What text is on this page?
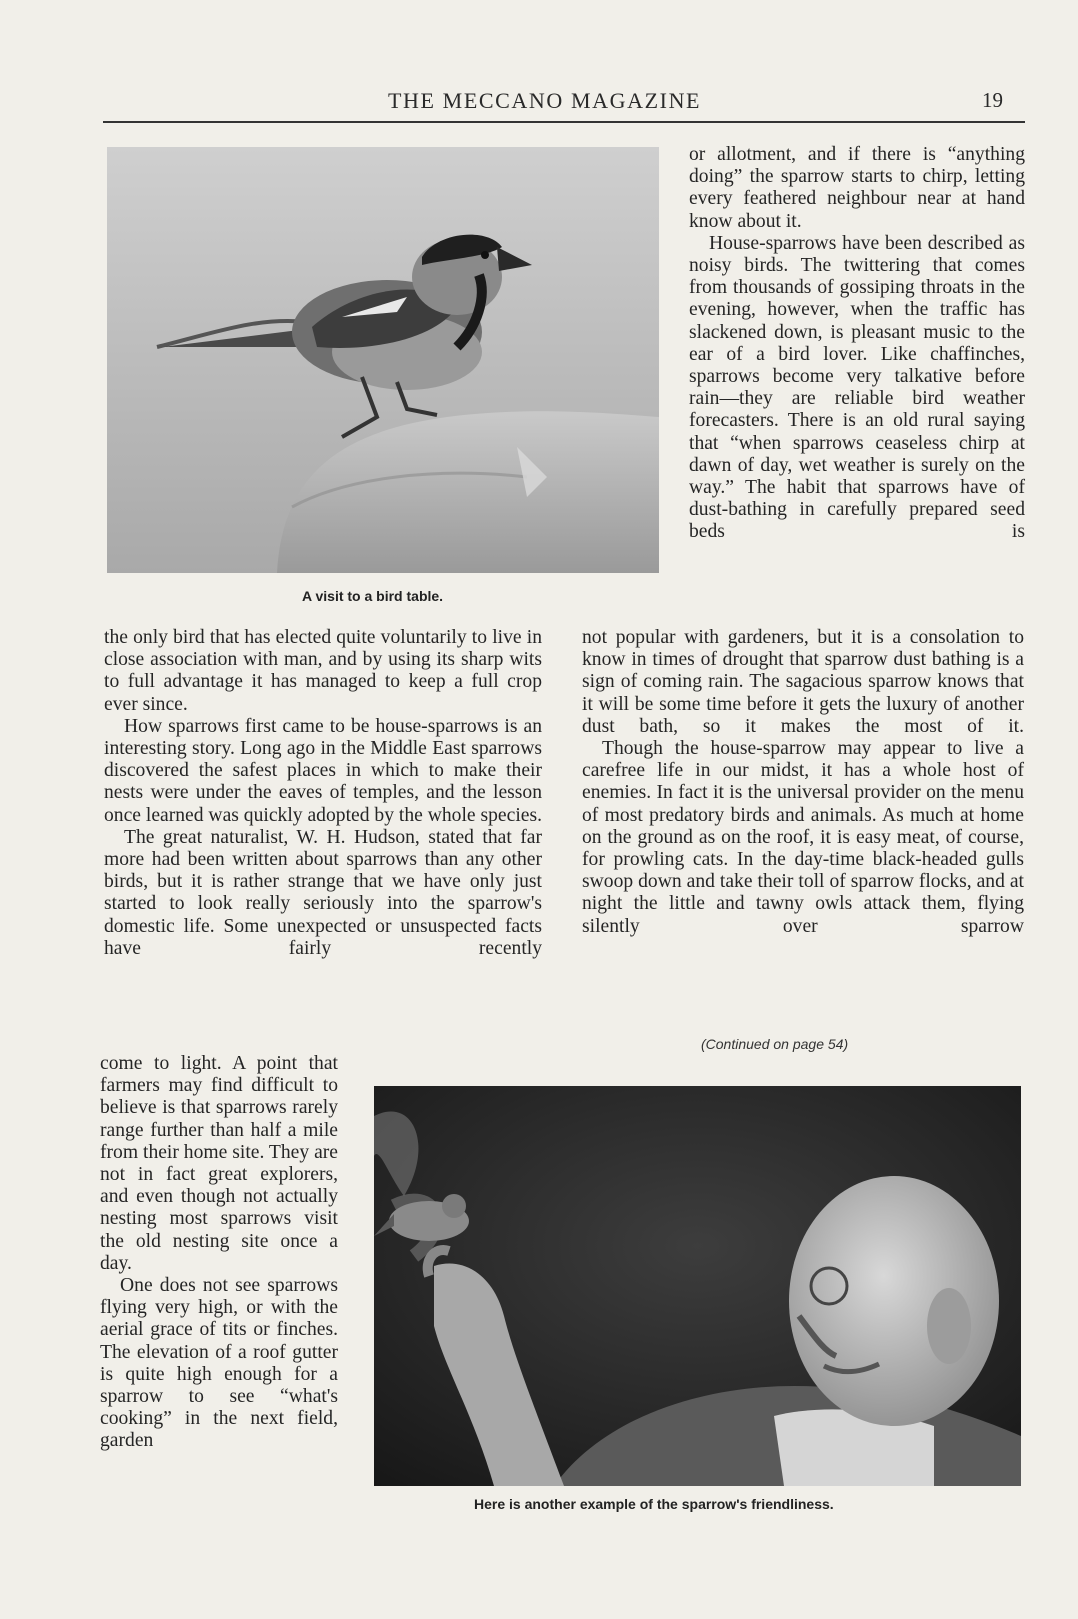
THE MECCANO MAGAZINE	19
A visit to a bird table.

or allotment, and if there is “anything doing” the sparrow starts to chirp, letting every feathered neighbour near at hand know about it.

House-sparrows have been described as noisy birds. The twittering that comes from thousands of gossiping throats in the evening, however, when the traffic has slackened down, is pleasant music to the ear of a bird lover. Like chaffinches, sparrows become very talkative before rain—they are reliable bird weather forecasters. There is an old rural saying that “when sparrows ceaseless chirp at dawn of day, wet weather is surely on the way.” The habit that sparrows have of dust-bathing in carefully prepared seed beds is

the only bird that has elected quite voluntarily to live in close association with man, and by using its sharp wits to full advantage it has managed to keep a full crop ever since.

How sparrows first came to be house-sparrows is an interesting story. Long ago in the Middle East sparrows discovered the safest places in which to make their nests were under the eaves of temples, and the lesson once learned was quickly adopted by the whole species.

The great naturalist, W. H. Hudson, stated that far more had been written about sparrows than any other birds, but it is rather strange that we have only just started to look really seriously into the sparrow's domestic life. Some unexpected or unsuspected facts have fairly recently

not popular with gardeners, but it is a consolation to know in times of drought that sparrow dust bathing is a sign of coming rain. The sagacious sparrow knows that it will be some time before it gets the luxury of another dust bath, so it makes the most of it.

Though the house-sparrow may appear to live a carefree life in our midst, it has a whole host of enemies. In fact it is the universal provider on the menu of most predatory birds and animals. As much at home on the ground as on the roof, it is easy meat, of course, for prowling cats. In the day-time black-headed gulls swoop down and take their toll of sparrow flocks, and at night the little and tawny owls attack them, flying silently over sparrow

(Continued on page 54)

come to light. A point that farmers may find difficult to believe is that sparrows rarely range further than half a mile from their home site. They are not in fact great explorers, and even though not actually nesting most sparrows visit the old nesting site once a day.

One does not see sparrows flying very high, or with the aerial grace of tits or finches. The elevation of a roof gutter is quite high enough for a sparrow to see “what's cooking” in the next field, garden

Here is another example of the sparrow's friendliness.
